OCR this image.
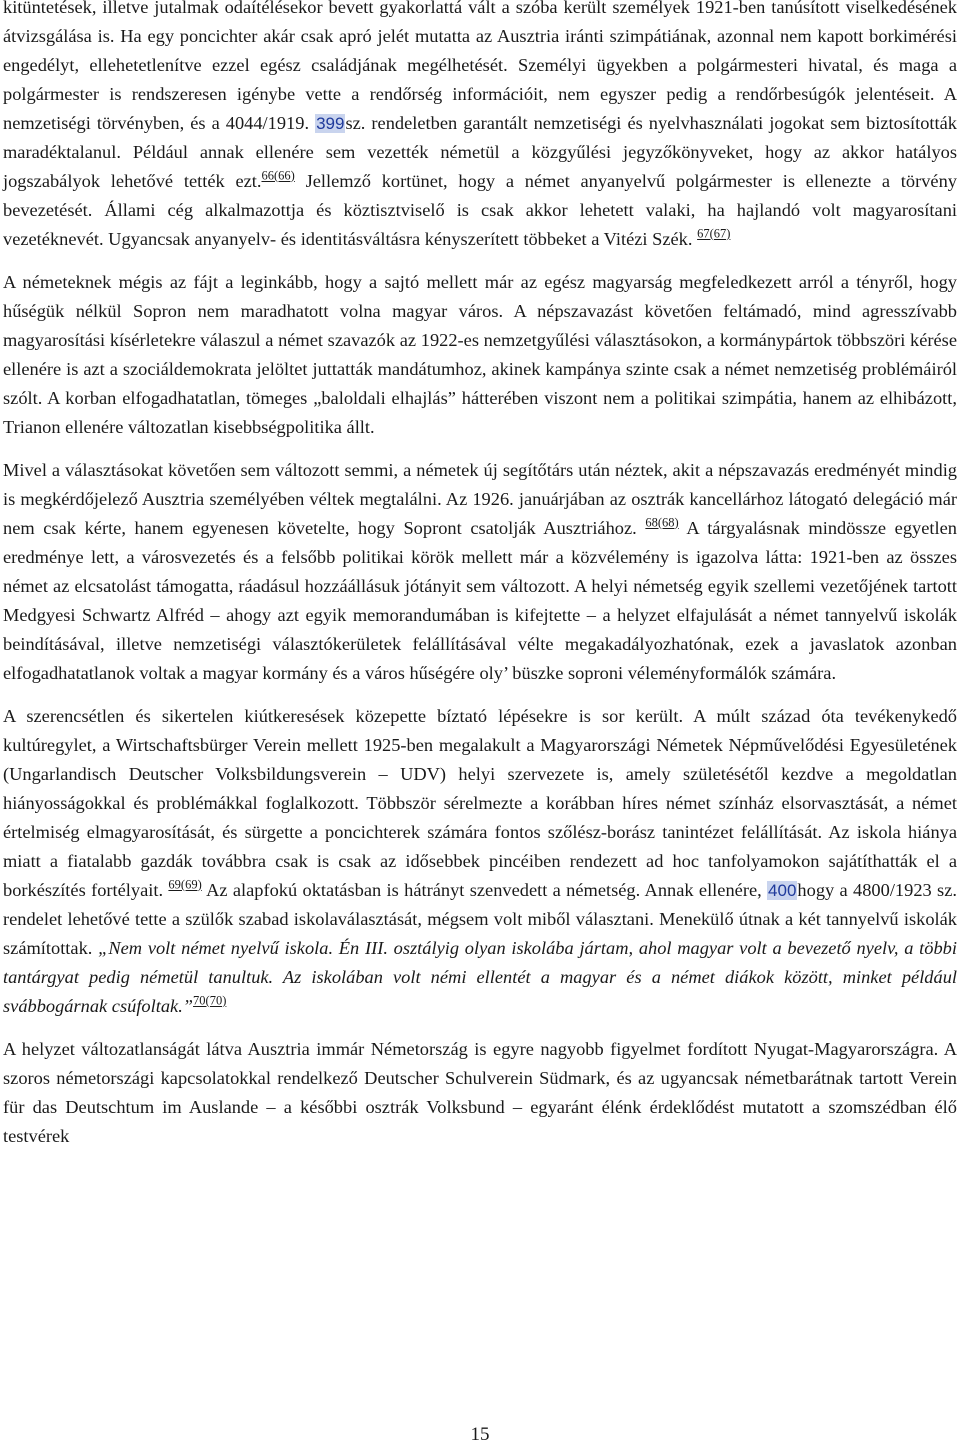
kitüntetések, illetve jutalmak odaítélésekor bevett gyakorlattá vált a szóba került személyek 1921-ben tanúsított viselkedésének átvizsgálása is. Ha egy poncichter akár csak apró jelét mutatta az Ausztria iránti szimpátiának, azonnal nem kapott borkimérési engedélyt, ellehetetlenítve ezzel egész családjának megélhetését. Személyi ügyekben a polgármesteri hivatal, és maga a polgármester is rendszeresen igénybe vette a rendőrség információit, nem egyszer pedig a rendőrbesúgók jelentéseit. A nemzetiségi törvényben, és a 4044/1919. 399sz. rendeletben garantált nemzetiségi és nyelvhasználati jogokat sem biztosították maradéktalanul. Például annak ellenére sem vezették németül a közgyűlési jegyzőkönyveket, hogy az akkor hatályos jogszabályok lehetővé tették ezt.$^{66(66)}$ Jellemző kortünet, hogy a német anyanyelvű polgármester is ellenezte a törvény bevezetését. Állami cég alkalmazottja és köztisztviselő is csak akkor lehetett valaki, ha hajlandó volt magyarosítani vezetéknevét. Ugyancsak anyanyelv- és identitásváltásra kényszerített többeket a Vitézi Szék. $^{67(67)}$

A németeknek mégis az fájt a leginkább, hogy a sajtó mellett már az egész magyarság megfeledkezett arról a tényről, hogy hűségük nélkül Sopron nem maradhatott volna magyar város. A népszavazást követően feltámadó, mind agresszívabb magyarosítási kísérletekre válaszul a német szavazók az 1922-es nemzetgyűlési választásokon, a kormánypártok többszöri kérése ellenére is azt a szociáldemokrata jelöltet juttatták mandátumhoz, akinek kampánya szinte csak a német nemzetiség problémáiról szólt. A korban elfogadhatatlan, tömeges „baloldali elhajlás” hátterében viszont nem a politikai szimpátia, hanem az elhibázott, Trianon ellenére változatlan kisebbségpolitika állt.

Mivel a választásokat követően sem változott semmi, a németek új segítőtárs után néztek, akit a népszavazás eredményét mindig is megkérdőjelező Ausztria személyében véltek megtalálni. Az 1926. januárjában az osztrák kancellárhoz látogató delegáció már nem csak kérte, hanem egyenesen követelte, hogy Sopront csatolják Ausztriához. $^{68(68)}$ A tárgyalásnak mindössze egyetlen eredménye lett, a városvezetés és a felsőbb politikai körök mellett már a közvélemény is igazolva látta: 1921-ben az összes német az elcsatolást támogatta, ráadásul hozzáállásuk jótányit sem változott. A helyi németség egyik szellemi vezetőjének tartott Medgyesi Schwartz Alfréd – ahogy azt egyik memorandumában is kifejtette – a helyzet elfajulását a német tannyelvű iskolák beindításával, illetve nemzetiségi választókerületek felállításával vélte megakadályozhatónak, ezek a javaslatok azonban elfogadhatatlanok voltak a magyar kormány és a város hűségére oly’ büszke soproni véleményformálók számára.

A szerencsétlen és sikertelen kiútkeresések közepette bíztató lépésekre is sor került. A múlt század óta tevékenykedő kultúregylet, a Wirtschaftsbürger Verein mellett 1925-ben megalakult a Magyarországi Németek Népművelődési Egyesületének (Ungarlandisch Deutscher Volksbildungsverein – UDV) helyi szervezete is, amely születésétől kezdve a megoldatlan hiányosságokkal és problémákkal foglalkozott. Többször sérelmezte a korábban híres német színház elsorvasztását, a német értelmiség elmagyarosítását, és sürgette a poncichterek számára fontos szőlész-borász tanintézet felállítását. Az iskola hiánya miatt a fiatalabb gazdák továbbra csak is csak az idősebbek pincéiben rendezett ad hoc tanfolyamokon sajátíthatták el a borkészítés fortélyait. $^{69(69)}$ Az alapfokú oktatásban is hátrányt szenvedett a németség. Annak ellenére, 400hogy a 4800/1923 sz. rendelet lehetővé tette a szülők szabad iskolaválasztását, mégsem volt miből választani. Menekülő útnak a két tannyelvű iskolák számítottak. „Nem volt német nyelvű iskola. Én III. osztályig olyan iskolába jártam, ahol magyar volt a bevezető nyelv, a többi tantárgyat pedig németül tanultuk. Az iskolában volt némi ellentét a magyar és a német diákok között, minket például svábbogárnak csúfoltak.”$^{70(70)}$

A helyzet változatlanságát látva Ausztria immár Németország is egyre nagyobb figyelmet fordított Nyugat-Magyarországra. A szoros németországi kapcsolatokkal rendelkező Deutscher Schulverein Südmark, és az ugyancsak németbarátnak tartott Verein für das Deutschtum im Auslande – a későbbi osztrák Volksbund – egyaránt élénk érdeklődést mutatott a szomszédban élő testvérek

15
